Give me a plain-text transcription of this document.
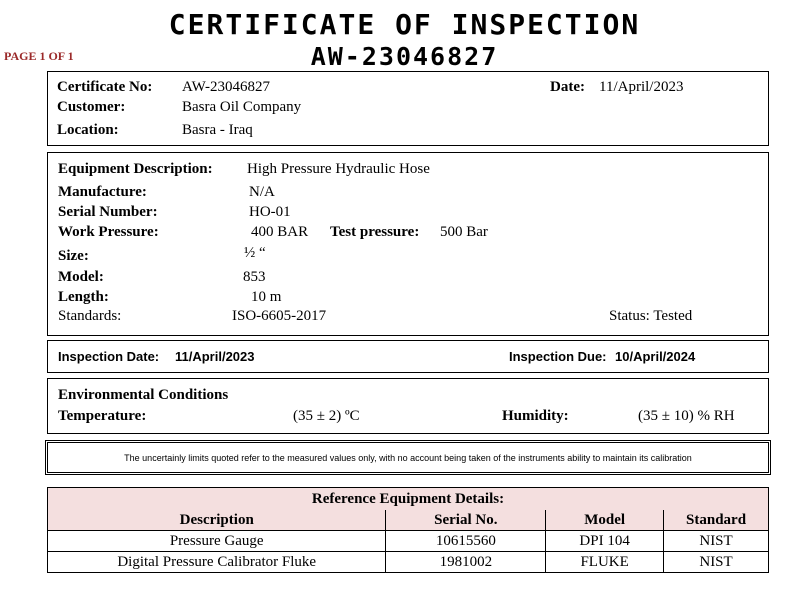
CERTIFICATE OF INSPECTION
AW-23046827
PAGE 1 OF 1
Certificate No: AW-23046827	Date: 11/April/2023
Customer:	Basra Oil Company
Location:	Basra - Iraq
Equipment Description: High Pressure Hydraulic Hose
Manufacture:	N/A
Serial Number:	HO-01
Work Pressure:	400 BAR Test pressure: 500 Bar
Size:	½ “
Model:	853
Length:	10 m
Standards:	ISO-6605-2017	Status: Tested
Inspection Date: 11/April/2023	Inspection Due: 10/April/2024
Environmental Conditions
Temperature:	(35 ± 2) ºC	Humidity:	(35 ± 10) % RH
The uncertainly limits quoted refer to the measured values only, with no account being taken of the instruments ability to maintain its calibration
Reference Equipment Details:			
Description	Serial No.	Model	Standard
Pressure Gauge	10615560	DPI 104	NIST
Digital Pressure Calibrator Fluke	1981002	FLUKE	NIST
